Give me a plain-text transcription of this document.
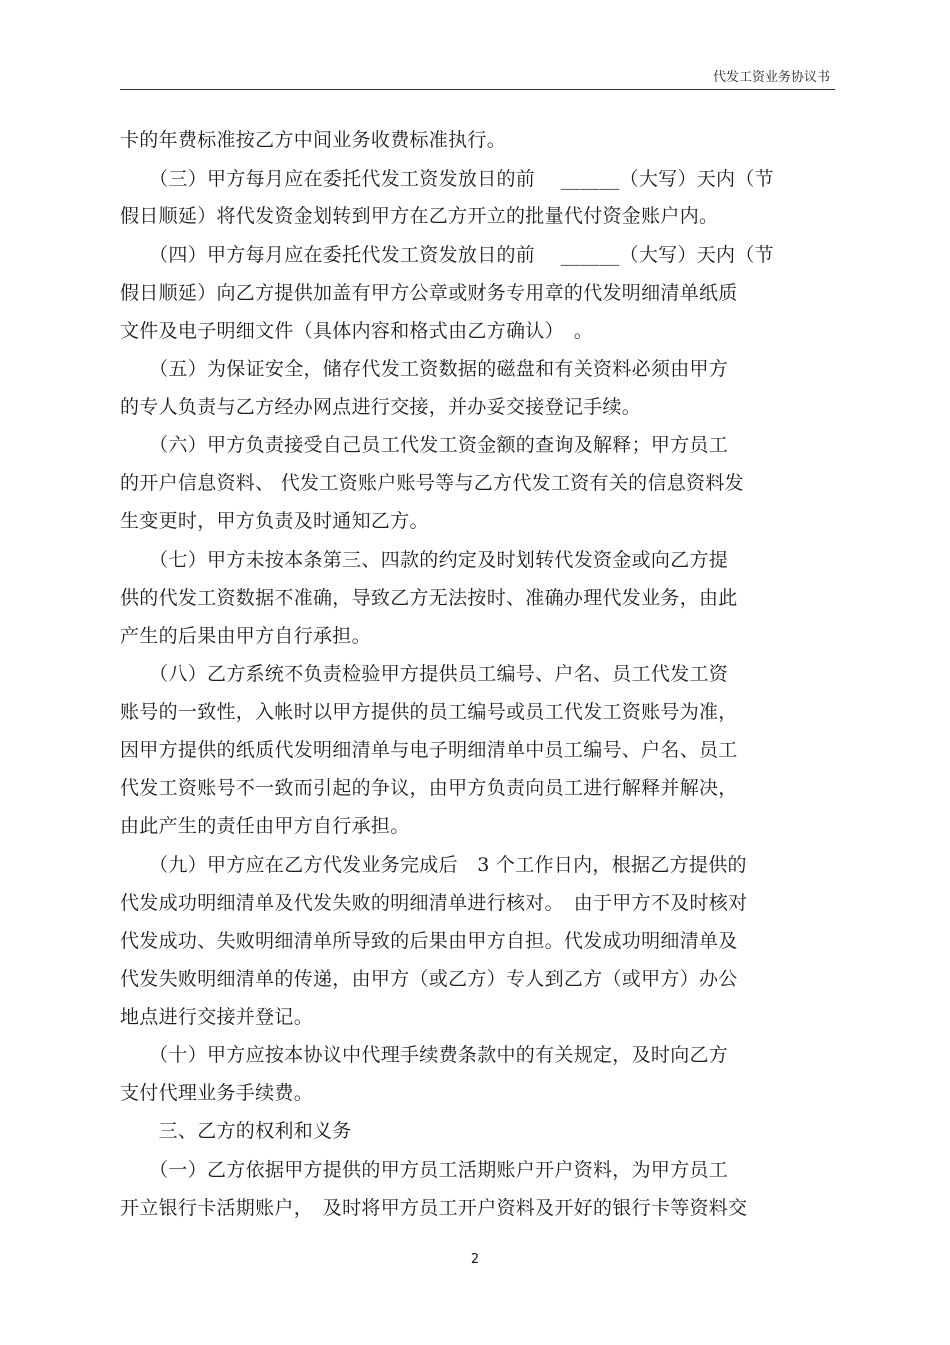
代发工资业务协议书
卡的年费标准按乙方中间业务收费标准执行。
　　（三）甲方每月应在委托代发工资发放日的前　 ______（大写）天内（节
假日顺延）将代发资金划转到甲方在乙方开立的批量代付资金账户内。
　　（四）甲方每月应在委托代发工资发放日的前　 ______（大写）天内（节
假日顺延）向乙方提供加盖有甲方公章或财务专用章的代发明细清单纸质
文件及电子明细文件（具体内容和格式由乙方确认）　。
　　（五）为保证安全，储存代发工资数据的磁盘和有关资料必须由甲方
的专人负责与乙方经办网点进行交接，并办妥交接登记手续。
　　（六）甲方负责接受自己员工代发工资金额的查询及解释；甲方员工
的开户信息资料、 代发工资账户账号等与乙方代发工资有关的信息资料发
生变更时，甲方负责及时通知乙方。
　　（七）甲方未按本条第三、四款的约定及时划转代发资金或向乙方提
供的代发工资数据不准确，导致乙方无法按时、准确办理代发业务，由此
产生的后果由甲方自行承担。
　　（八）乙方系统不负责检验甲方提供员工编号、户名、员工代发工资
账号的一致性，入帐时以甲方提供的员工编号或员工代发工资账号为准，
因甲方提供的纸质代发明细清单与电子明细清单中员工编号、户名、员工
代发工资账号不一致而引起的争议，由甲方负责向员工进行解释并解决，
由此产生的责任由甲方自行承担。
　　（九）甲方应在乙方代发业务完成后　3 个工作日内，根据乙方提供的
代发成功明细清单及代发失败的明细清单进行核对。　由于甲方不及时核对
代发成功、失败明细清单所导致的后果由甲方自担。代发成功明细清单及
代发失败明细清单的传递，由甲方（或乙方）专人到乙方（或甲方）办公
地点进行交接并登记。
　　（十）甲方应按本协议中代理手续费条款中的有关规定，及时向乙方
支付代理业务手续费。
　　三、乙方的权利和义务
　　（一）乙方依据甲方提供的甲方员工活期账户开户资料，为甲方员工
开立银行卡活期账户，　及时将甲方员工开户资料及开好的银行卡等资料交
2
